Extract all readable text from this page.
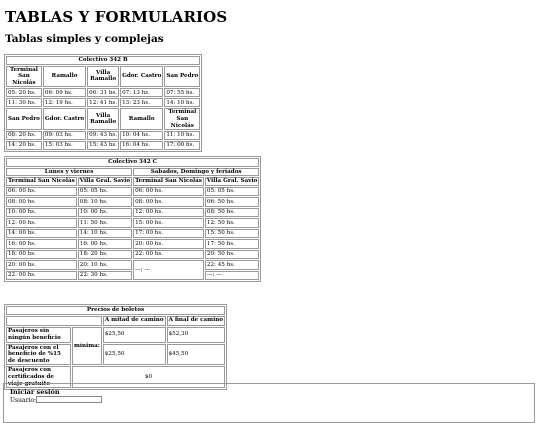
TABLAS Y FORMULARIOS
Tablas simples y complejas
Colectivo 342 B				
Terminal San Nicolás	Ramallo	Villa Ramallo	Gdor. Castro	San Pedro
05: 20 hs.	06: 09 hs.	06: 31 hs.	07: 13 hs.	07: 55 hs.
11: 30 hs.	12: 19 hs.	12: 41 hs.	13: 23 hs.	14: 10 hs.
San Pedro	Gdor. Castro	Villa Ramallo	Ramallo	Terminal San Nicolás
08: 20 hs.	09: 03 hs.	09: 43 hs.	10: 04 hs.	11: 10 hs.
14: 20 hs.	15: 03 hs.	15: 43 hs.	16: 04 hs.	17: 00 hs.
Colectivo 342 C			
Lunes y viernes		Sabados, Domingo y feriados	
Terminal San Nicolás	Villa Gral. Savio	Terminal San Nicolás	Villa Gral. Savio
06: 00 hs.	05: 05 hs.	06: 00 hs.	05: 05 hs.
08: 00 hs.	08: 10 hs.	08: 00 hs.	06: 50 hs.
10: 00 hs.	10: 00 hs.	12: 00 hs.	08: 50 hs.
12: 00 hs.	11: 50 hs.	15: 00 hs.	12: 50 hs.
14: 00 hs.	14: 10 hs.	17: 00 hs.	15: 50 hs.
16: 00 hs.	16: 00 hs.	20: 00 hs.	17: 50 hs.
18: 00 hs.	18: 20 hs.	22: 00 hs.	20: 50 hs.
20: 00 hs.	20: 10 hs.	---; ---	22: 45 hs.
22: 00 hs.	22: 30 hs.		---; ---
Precios de boletos			
		A mitad de camino	A final de camino
Pasajeros sin ningún beneficio	mínima:	$25,50	$52,30
Pasajeros con el beneficio de %15 de descuento		$25,50	$45,50
Pasajeros con certificados de viaje gratuito	$0		
Iniciar sesión
Usuario:
